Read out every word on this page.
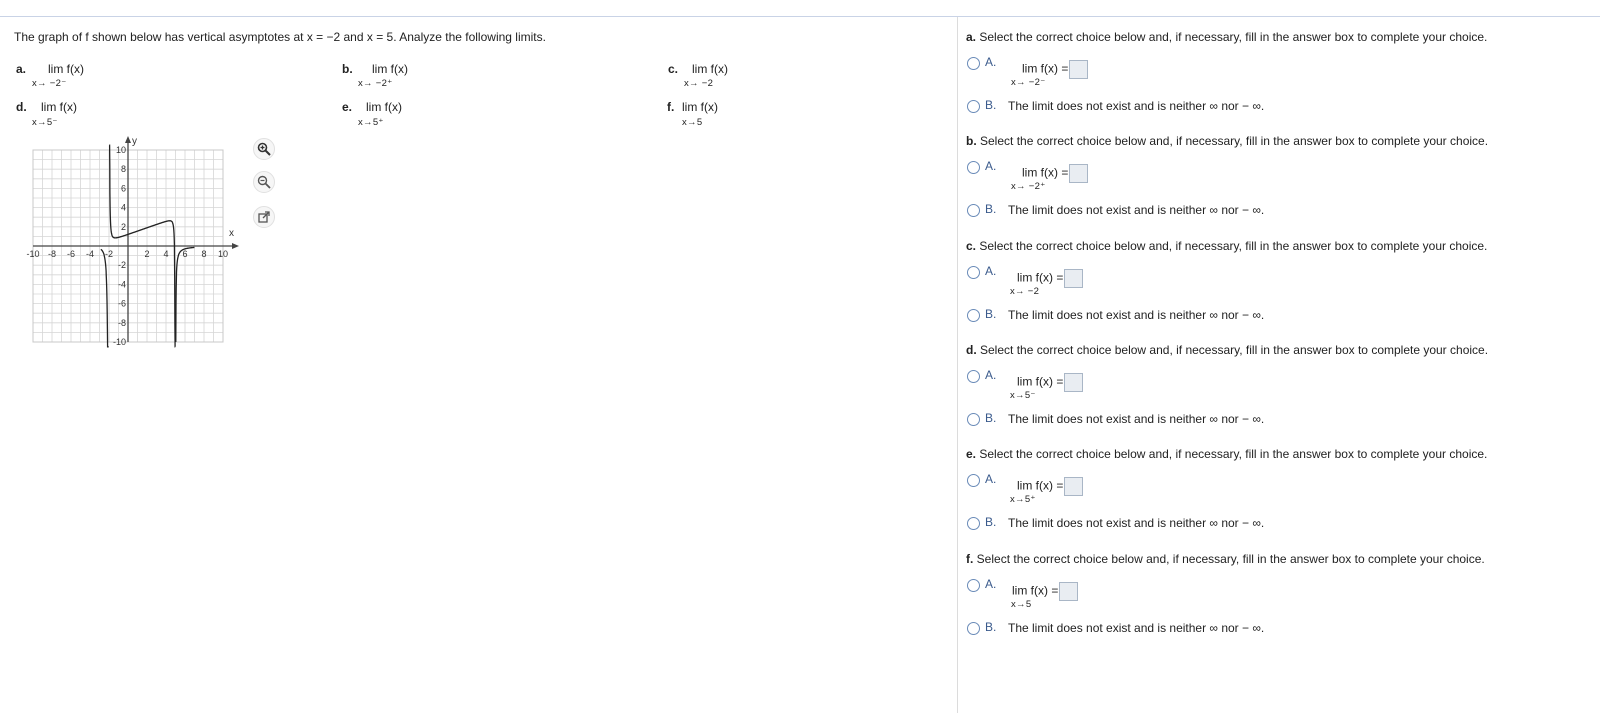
The graph of f shown below has vertical asymptotes at x = −2 and x = 5. Analyze the following limits.
a. lim f(x)
x→ −2⁻
b. lim f(x)
x→ −2⁺
c. lim f(x)
x→ −2
d. lim f(x)
x→5⁻
e. lim f(x)
x→5⁺
f. lim f(x)
x→5
-10 -8 -6 -4 -2	2 4 6 8 10
10
8
6
4
2
-2
-4
-6
-8
-10
y
x
a. Select the correct choice below and, if necessary, fill in the answer box to complete your choice.
A. lim f(x) =
x→ −2⁻
B. The limit does not exist and is neither ∞ nor − ∞.
b. Select the correct choice below and, if necessary, fill in the answer box to complete your choice.
A. lim f(x) =
x→ −2⁺
B. The limit does not exist and is neither ∞ nor − ∞.
c. Select the correct choice below and, if necessary, fill in the answer box to complete your choice.
A. lim f(x) =
x→ −2
B. The limit does not exist and is neither ∞ nor − ∞.
d. Select the correct choice below and, if necessary, fill in the answer box to complete your choice.
A. lim f(x) =
x→5⁻
B. The limit does not exist and is neither ∞ nor − ∞.
e. Select the correct choice below and, if necessary, fill in the answer box to complete your choice.
A. lim f(x) =
x→5⁺
B. The limit does not exist and is neither ∞ nor − ∞.
f. Select the correct choice below and, if necessary, fill in the answer box to complete your choice.
A. lim f(x) =
x→5
B. The limit does not exist and is neither ∞ nor − ∞.
